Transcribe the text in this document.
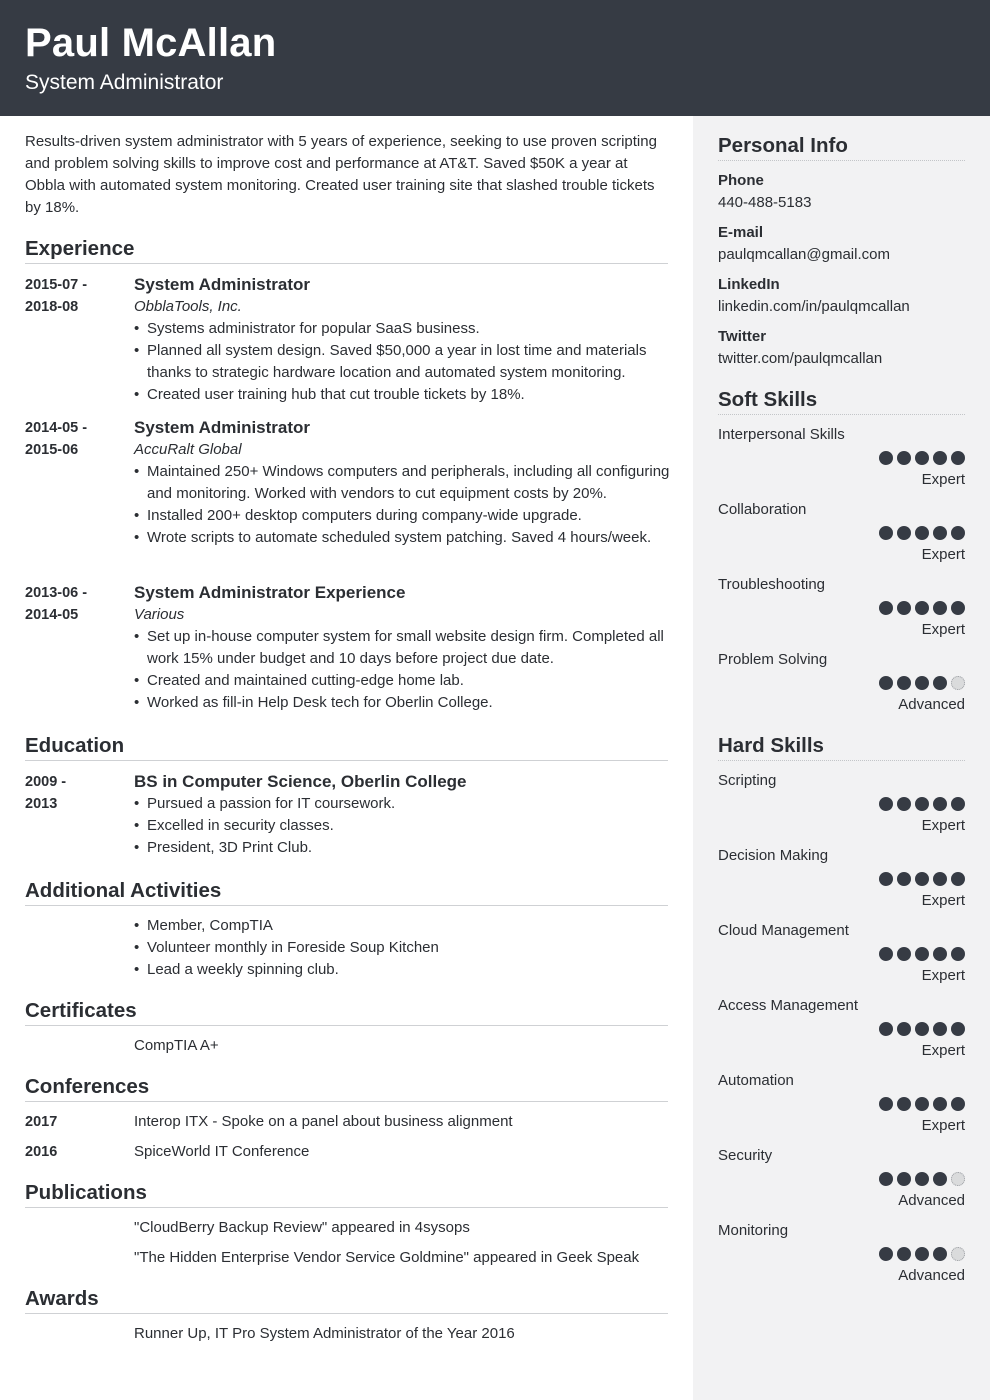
Paul McAllan
System Administrator
Results-driven system administrator with 5 years of experience, seeking to use proven scripting and problem solving skills to improve cost and performance at AT&T. Saved $50K a year at Obbla with automated system monitoring. Created user training site that slashed trouble tickets by 18%.
Experience
2015-07 -
2018-08
System Administrator
ObblaTools, Inc.
• Systems administrator for popular SaaS business.
• Planned all system design. Saved $50,000 a year in lost time and materials thanks to strategic hardware location and automated system monitoring.
• Created user training hub that cut trouble tickets by 18%.
2014-05 -
2015-06
System Administrator
AccuRalt Global
• Maintained 250+ Windows computers and peripherals, including all configuring and monitoring. Worked with vendors to cut equipment costs by 20%.
• Installed 200+ desktop computers during company-wide upgrade.
• Wrote scripts to automate scheduled system patching. Saved 4 hours/week.
2013-06 -
2014-05
System Administrator Experience
Various
• Set up in-house computer system for small website design firm. Completed all work 15% under budget and 10 days before project due date.
• Created and maintained cutting-edge home lab.
• Worked as fill-in Help Desk tech for Oberlin College.
Education
2009 -
2013
BS in Computer Science, Oberlin College
• Pursued a passion for IT coursework.
• Excelled in security classes.
• President, 3D Print Club.
Additional Activities
• Member, CompTIA
• Volunteer monthly in Foreside Soup Kitchen
• Lead a weekly spinning club.
Certificates
CompTIA A+
Conferences
2017	Interop ITX - Spoke on a panel about business alignment
2016	SpiceWorld IT Conference
Publications
"CloudBerry Backup Review" appeared in 4sysops
"The Hidden Enterprise Vendor Service Goldmine" appeared in Geek Speak
Awards
Runner Up, IT Pro System Administrator of the Year 2016
Personal Info
Phone
440-488-5183
E-mail
paulqmcallan@gmail.com
LinkedIn
linkedin.com/in/paulqmcallan
Twitter
twitter.com/paulqmcallan
Soft Skills
Interpersonal Skills
Expert
Collaboration
Expert
Troubleshooting
Expert
Problem Solving
Advanced
Hard Skills
Scripting
Expert
Decision Making
Expert
Cloud Management
Expert
Access Management
Expert
Automation
Expert
Security
Advanced
Monitoring
Advanced
